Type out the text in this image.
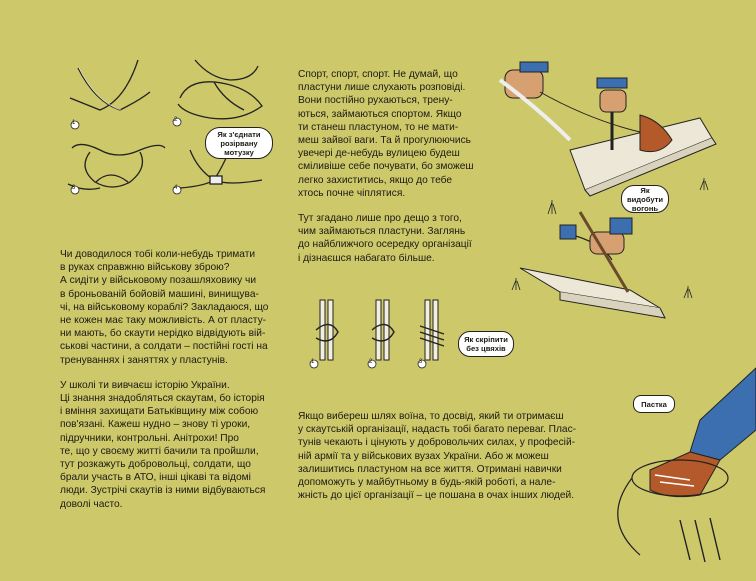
1	2
3	4
1	2	3
Як з'єднати
розірвану мотузку
Як видобути
вогонь
Як скріпити
без цвяхів
Пастка

Чи доводилося тобі коли-небудь тримати
в руках справжню військову зброю?
А сидіти у військовому позашляховику чи
в броньованій бойовій машині, винищува-
чі, на військовому кораблі? Закладаюся, що
не кожен має таку можливість. А от пласту-
ни мають, бо скаути нерідко відвідують вій-
ськові частини, а солдати – постійні гості на
тренуваннях і заняттях у пластунів.

У школі ти вивчаєш історію України.
Ці знання знадобляться скаутам, бо історія
і вміння захищати Батьківщину між собою
пов'язані. Кажеш нудно – знову ті уроки,
підручники, контрольні. Анітрохи! Про
те, що у своєму житті бачили та пройшли,
тут розкажуть добровольці, солдати, що
брали участь в АТО, інші цікаві та відомі
люди. Зустрічі скаутів із ними відбуваються
доволі часто.

Спорт, спорт, спорт. Не думай, що
пластуни лише слухають розповіді.
Вони постійно рухаються, трену-
ються, займаються спортом. Якщо
ти станеш пластуном, то не мати-
меш зайвої ваги. Та й прогулюючись
увечері де-небудь вулицею будеш
сміливіше себе почувати, бо зможеш
легко захиститись, якщо до тебе
хтось почне чіплятися.

Тут згадано лише про дещо з того,
чим займаються пластуни. Заглянь
до найближчого осередку організації
і дізнаєшся набагато більше.

Якщо вибереш шлях воїна, то досвід, який ти отримаєш
у скаутській організації, надасть тобі багато переваг. Плас-
тунів чекають і цінують у добровольчих силах, у професій-
ній армії та у військових вузах України. Або ж можеш
залишитись пластуном на все життя. Отримані навички
допоможуть у майбутньому в будь-якій роботі, а нале-
жність до цієї організації – це пошана в очах інших людей.
